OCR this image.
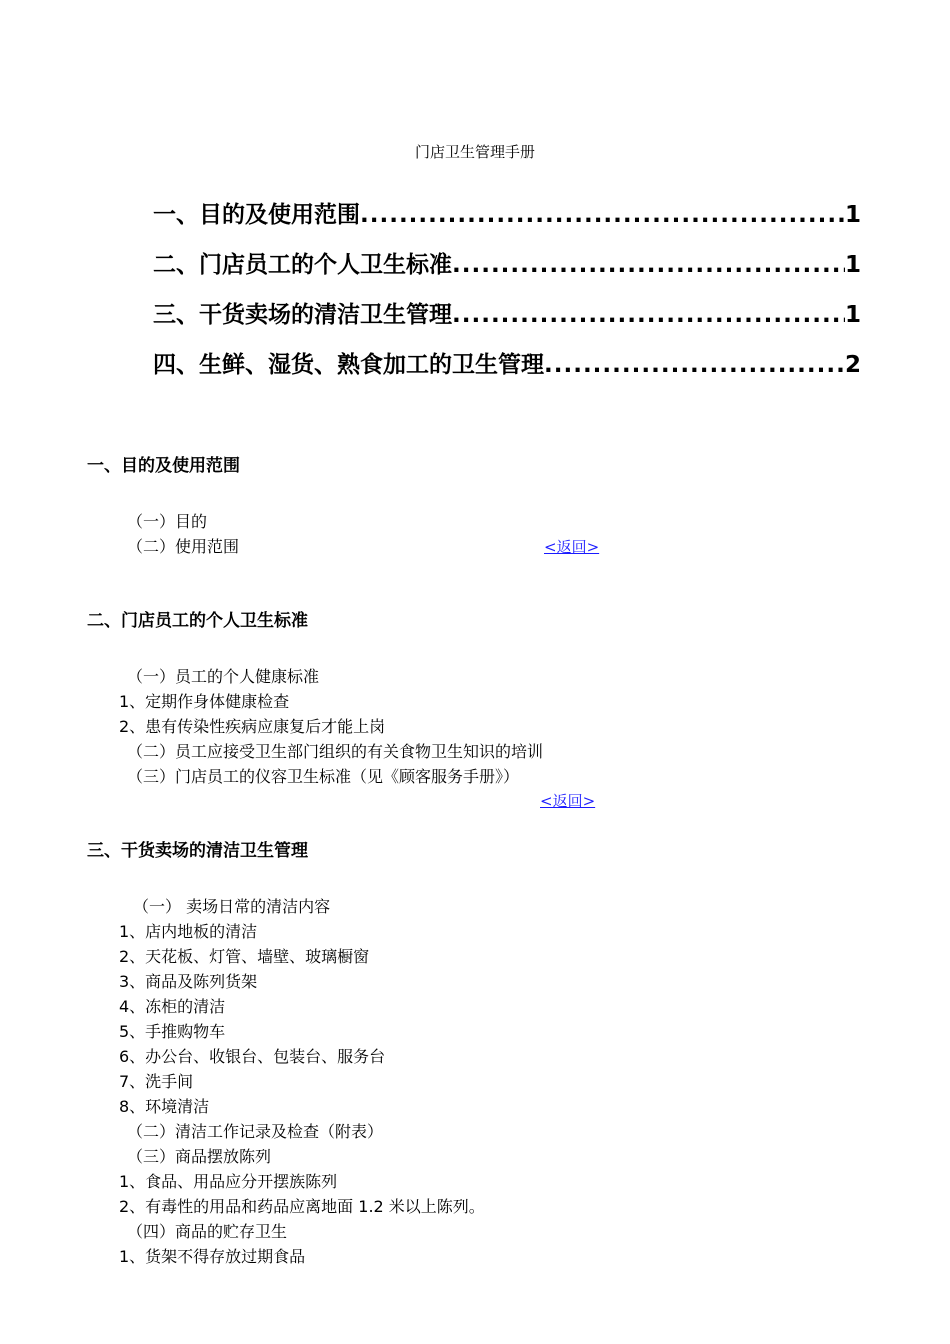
门店卫生管理手册
一、目的及使用范围 .....	1
二、门店员工的个人卫生标准 .....	1
三、干货卖场的清洁卫生管理 .....	1
四、生鲜、湿货、熟食加工的卫生管理 .....	2
一、目的及使用范围
（一）目的
（二）使用范围	<返回>
二、门店员工的个人卫生标准
（一）员工的个人健康标准
1、定期作身体健康检查
2、患有传染性疾病应康复后才能上岗
（二）员工应接受卫生部门组织的有关食物卫生知识的培训
（三）门店员工的仪容卫生标准（见《顾客服务手册》）
<返回>
三、干货卖场的清洁卫生管理
（一） 卖场日常的清洁内容
1、店内地板的清洁
2、天花板、灯管、墙壁、玻璃橱窗
3、商品及陈列货架
4、冻柜的清洁
5、手推购物车
6、办公台、收银台、包装台、服务台
7、洗手间
8、环境清洁
（二）清洁工作记录及检查（附表）
（三）商品摆放陈列
1、食品、用品应分开摆族陈列
2、有毒性的用品和药品应离地面 1.2 米以上陈列。
（四）商品的贮存卫生
1、货架不得存放过期食品
